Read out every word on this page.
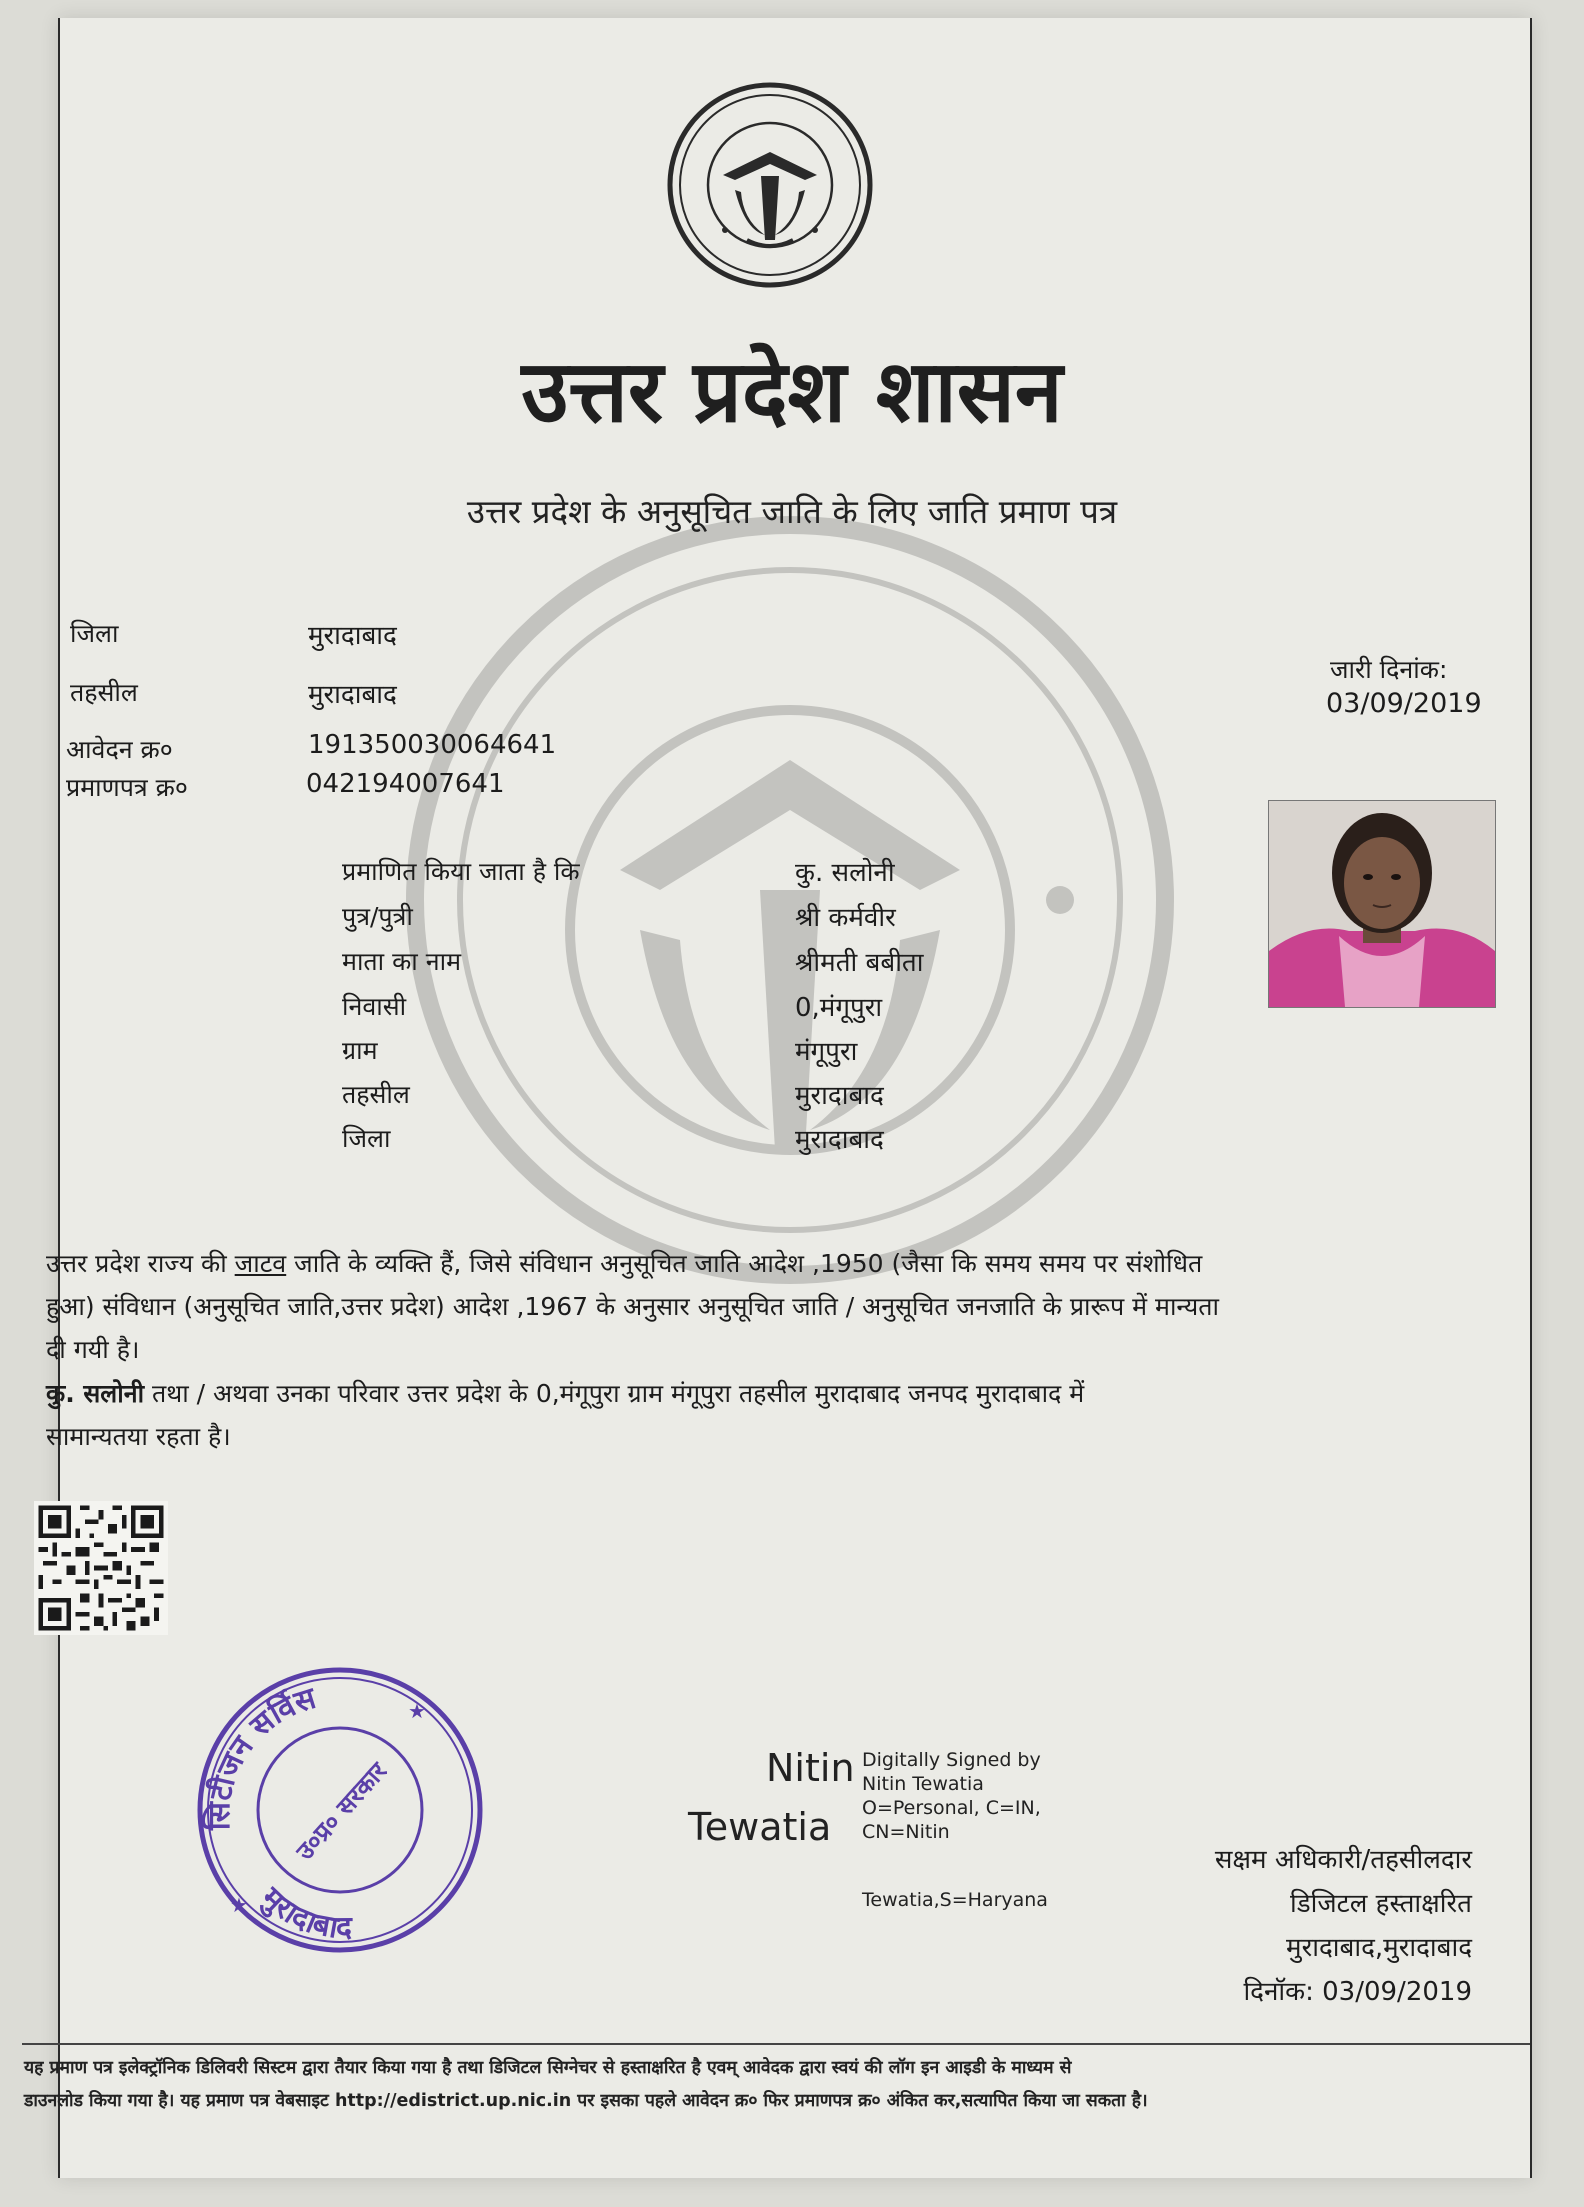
उत्तर प्रदेश शासन
उत्तर प्रदेश के अनुसूचित जाति के लिए जाति प्रमाण पत्र
जिला	मुरादाबाद
तहसील	मुरादाबाद
आवेदन क्र०	191350030064641
प्रमाणपत्र क्र०	042194007641
जारी दिनांक:
03/09/2019
प्रमाणित किया जाता है कि	कु. सलोनी
पुत्र/पुत्री	श्री कर्मवीर
माता का नाम	श्रीमती बबीता
निवासी	0,मंगूपुरा
ग्राम	मंगूपुरा
तहसील	मुरादाबाद
जिला	मुरादाबाद
उत्तर प्रदेश राज्य की जाटव जाति के व्यक्ति हैं, जिसे संविधान अनुसूचित जाति आदेश ,1950 (जैसा कि समय समय पर संशोधित
हुआ) संविधान (अनुसूचित जाति,उत्तर प्रदेश) आदेश ,1967 के अनुसार अनुसूचित जाति / अनुसूचित जनजाति के प्रारूप में मान्यता
दी गयी है।
कु. सलोनी तथा / अथवा उनका परिवार उत्तर प्रदेश के 0,मंगूपुरा ग्राम मंगूपुरा तहसील मुरादाबाद जनपद मुरादाबाद में
सामान्यतया रहता है।
सिटीजन सर्विस
मुरादाबाद
उ०प्र० सरकार
★
★
Nitin
Tewatia
Digitally Signed by
Nitin Tewatia
O=Personal, C=IN,
CN=Nitin
Tewatia,S=Haryana
सक्षम अधिकारी/तहसीलदार
डिजिटल हस्ताक्षरित
मुरादाबाद,मुरादाबाद
दिनॉक: 03/09/2019
यह प्रमाण पत्र इलेक्ट्रॉनिक डिलिवरी सिस्टम द्वारा तैयार किया गया है तथा डिजिटल सिग्नेचर से हस्ताक्षरित है एवम् आवेदक द्वारा स्वयं की लॉग इन आइडी के माध्यम से
डाउनलोड किया गया है। यह प्रमाण पत्र वेबसाइट http://edistrict.up.nic.in पर इसका पहले आवेदन क्र० फिर प्रमाणपत्र क्र० अंकित कर,सत्यापित किया जा सकता है।
